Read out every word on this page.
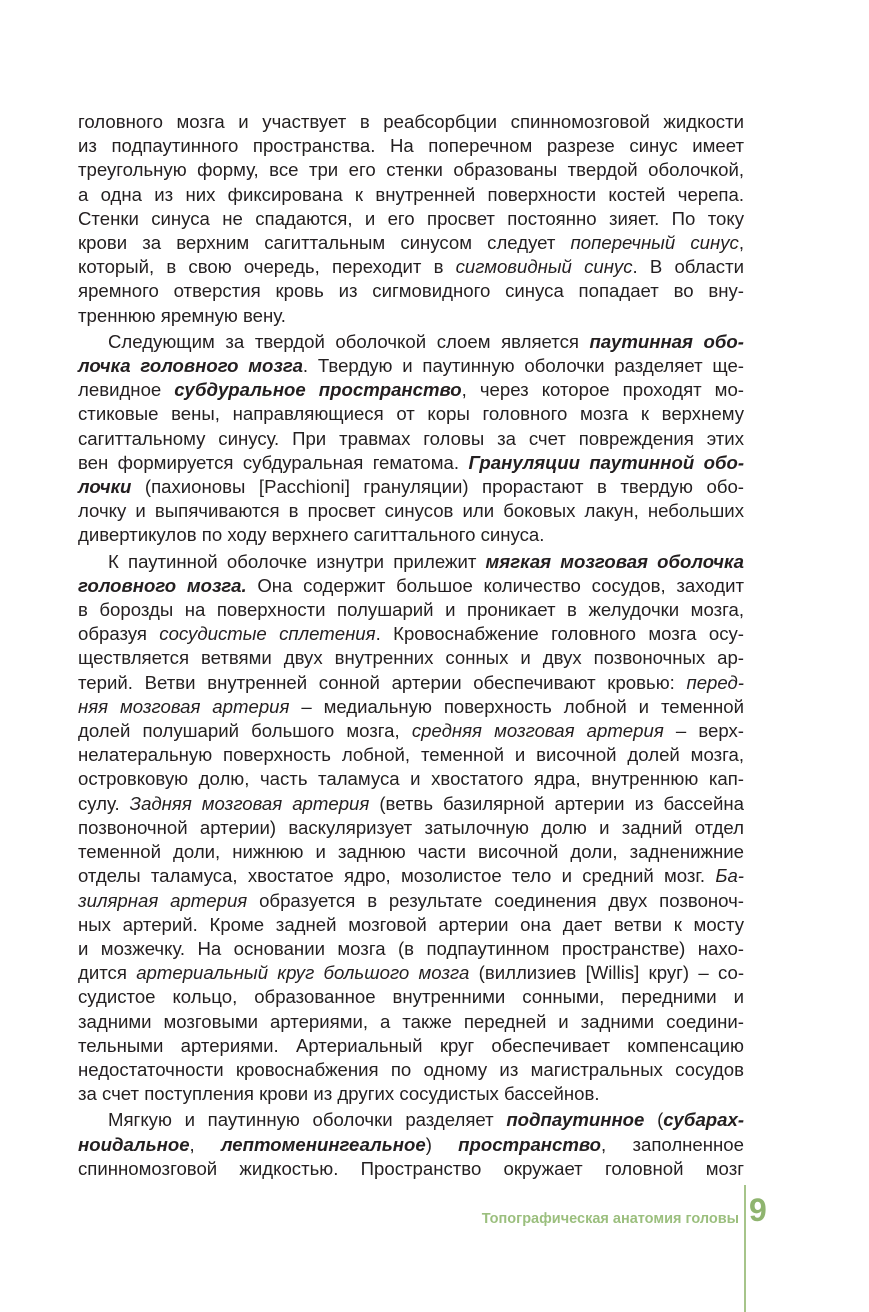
головного мозга и участвует в реабсорбции спинномозговой жидкости
из подпаутинного пространства. На поперечном разрезе синус имеет
треугольную форму, все три его стенки образованы твердой оболочкой,
а одна из них фиксирована к внутренней поверхности костей черепа.
Стенки синуса не спадаются, и его просвет постоянно зияет. По току
крови за верхним сагиттальным синусом следует поперечный синус,
который, в свою очередь, переходит в сигмовидный синус. В области
яремного отверстия кровь из сигмовидного синуса попадает во вну-
треннюю яремную вену.
Следующим за твердой оболочкой слоем является паутинная обо-
лочка головного мозга. Твердую и паутинную оболочки разделяет ще-
левидное субдуральное пространство, через которое проходят мо-
стиковые вены, направляющиеся от коры головного мозга к верхнему
сагиттальному синусу. При травмах головы за счет повреждения этих
вен формируется субдуральная гематома. Грануляции паутинной обо-
лочки (пахионовы [Pacchioni] грануляции) прорастают в твердую обо-
лочку и выпячиваются в просвет синусов или боковых лакун, небольших
дивертикулов по ходу верхнего сагиттального синуса.
К паутинной оболочке изнутри прилежит мягкая мозговая оболочка
головного мозга. Она содержит большое количество сосудов, заходит
в борозды на поверхности полушарий и проникает в желудочки мозга,
образуя сосудистые сплетения. Кровоснабжение головного мозга осу-
ществляется ветвями двух внутренних сонных и двух позвоночных ар-
терий. Ветви внутренней сонной артерии обеспечивают кровью: перед-
няя мозговая артерия – медиальную поверхность лобной и теменной
долей полушарий большого мозга, средняя мозговая артерия – верх-
нелатеральную поверхность лобной, теменной и височной долей мозга,
островковую долю, часть таламуса и хвостатого ядра, внутреннюю кап-
сулу. Задняя мозговая артерия (ветвь базилярной артерии из бассейна
позвоночной артерии) васкуляризует затылочную долю и задний отдел
теменной доли, нижнюю и заднюю части височной доли, задненижние
отделы таламуса, хвостатое ядро, мозолистое тело и средний мозг. Ба-
зилярная артерия образуется в результате соединения двух позвоноч-
ных артерий. Кроме задней мозговой артерии она дает ветви к мосту
и мозжечку. На основании мозга (в подпаутинном пространстве) нахо-
дится артериальный круг большого мозга (виллизиев [Willis] круг) – со-
судистое кольцо, образованное внутренними сонными, передними и
задними мозговыми артериями, а также передней и задними соедини-
тельными артериями. Артериальный круг обеспечивает компенсацию
недостаточности кровоснабжения по одному из магистральных сосудов
за счет поступления крови из других сосудистых бассейнов.
Мягкую и паутинную оболочки разделяет подпаутинное (субарах-
ноидальное, лептоменингеальное) пространство, заполненное
спинномозговой жидкостью. Пространство окружает головной мозг
Топографическая анатомия головы 9
